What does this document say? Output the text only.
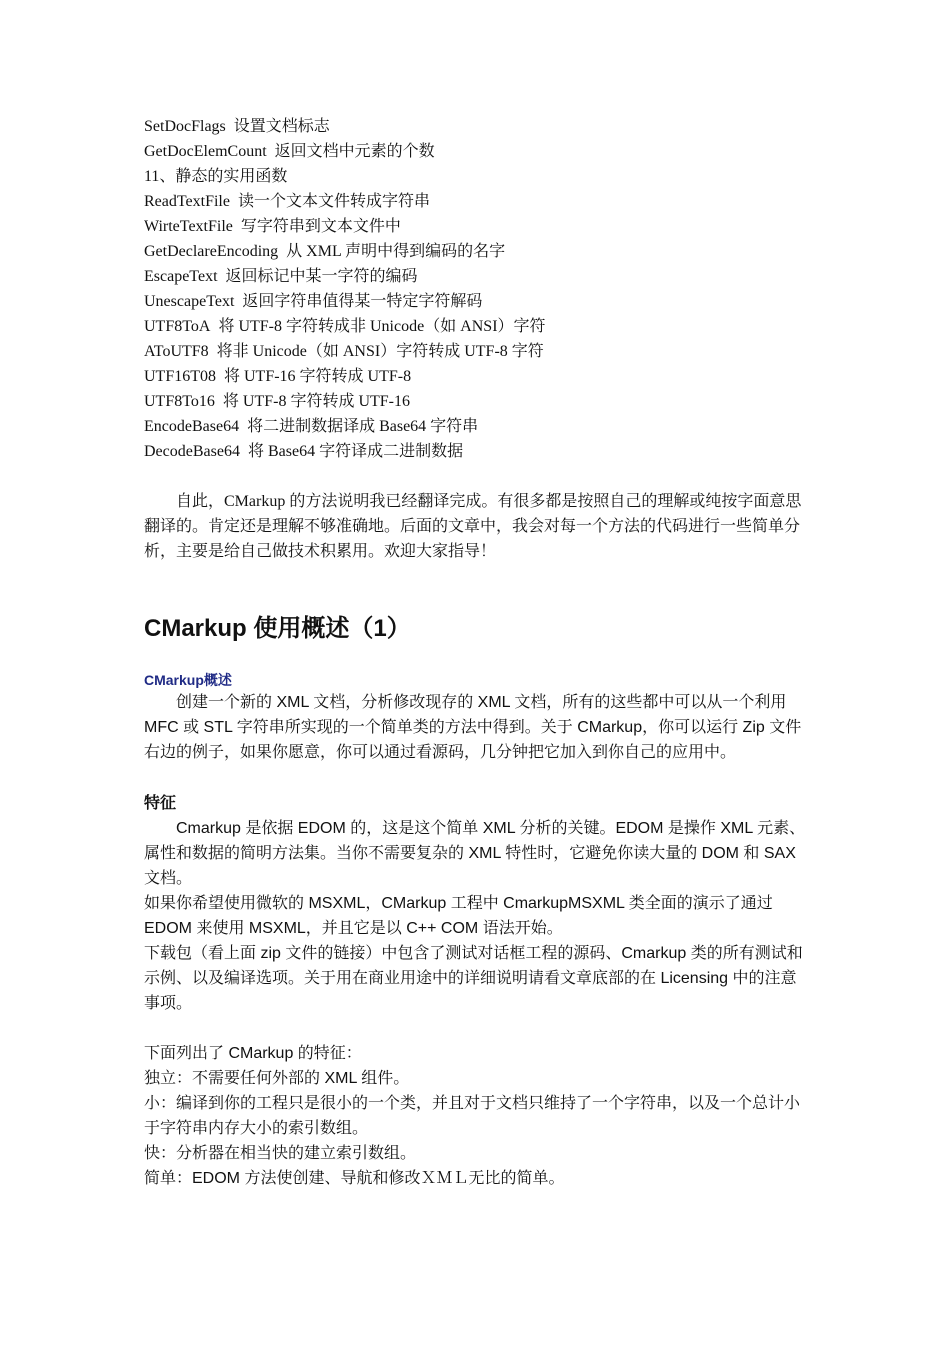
SetDocFlags 设置文档标志
GetDocElemCount 返回文档中元素的个数
11、静态的实用函数
ReadTextFile 读一个文本文件转成字符串
WirteTextFile 写字符串到文本文件中
GetDeclareEncoding 从 XML 声明中得到编码的名字
EscapeText 返回标记中某一字符的编码
UnescapeText 返回字符串值得某一特定字符解码
UTF8ToA 将 UTF-8 字符转成非 Unicode（如 ANSI）字符
AToUTF8 将非 Unicode（如 ANSI）字符转成 UTF-8 字符
UTF16T08 将 UTF-16 字符转成 UTF-8
UTF8To16 将 UTF-8 字符转成 UTF-16
EncodeBase64 将二进制数据译成 Base64 字符串
DecodeBase64 将 Base64 字符译成二进制数据

自此，CMarkup 的方法说明我已经翻译完成。有很多都是按照自己的理解或纯按字面意思翻译的。肯定还是理解不够准确地。后面的文章中，我会对每一个方法的代码进行一些简单分析，主要是给自己做技术积累用。欢迎大家指导！

CMarkup 使用概述（1）
CMarkup概述

创建一个新的 XML 文档，分析修改现存的 XML 文档，所有的这些都中可以从一个利用 MFC 或 STL 字符串所实现的一个简单类的方法中得到。关于 CMarkup，你可以运行 Zip 文件右边的例子，如果你愿意，你可以通过看源码，几分钟把它加入到你自己的应用中。

特征

Cmarkup 是依据 EDOM 的，这是这个简单 XML 分析的关键。EDOM 是操作 XML 元素、属性和数据的简明方法集。当你不需要复杂的 XML 特性时，它避免你读大量的 DOM 和 SAX 文档。

如果你希望使用微软的 MSXML，CMarkup 工程中 CmarkupMSXML 类全面的演示了通过 EDOM 来使用 MSXML，并且它是以 C++ COM 语法开始。

下载包（看上面 zip 文件的链接）中包含了测试对话框工程的源码、Cmarkup 类的所有测试和示例、以及编译选项。关于用在商业用途中的详细说明请看文章底部的在 Licensing 中的注意事项。

下面列出了 CMarkup 的特征：

独立：不需要任何外部的 XML 组件。

小：编译到你的工程只是很小的一个类，并且对于文档只维持了一个字符串，以及一个总计小于字符串内存大小的索引数组。

快：分析器在相当快的建立索引数组。

简单：EDOM 方法使创建、导航和修改ＸＭＬ无比的简单。
